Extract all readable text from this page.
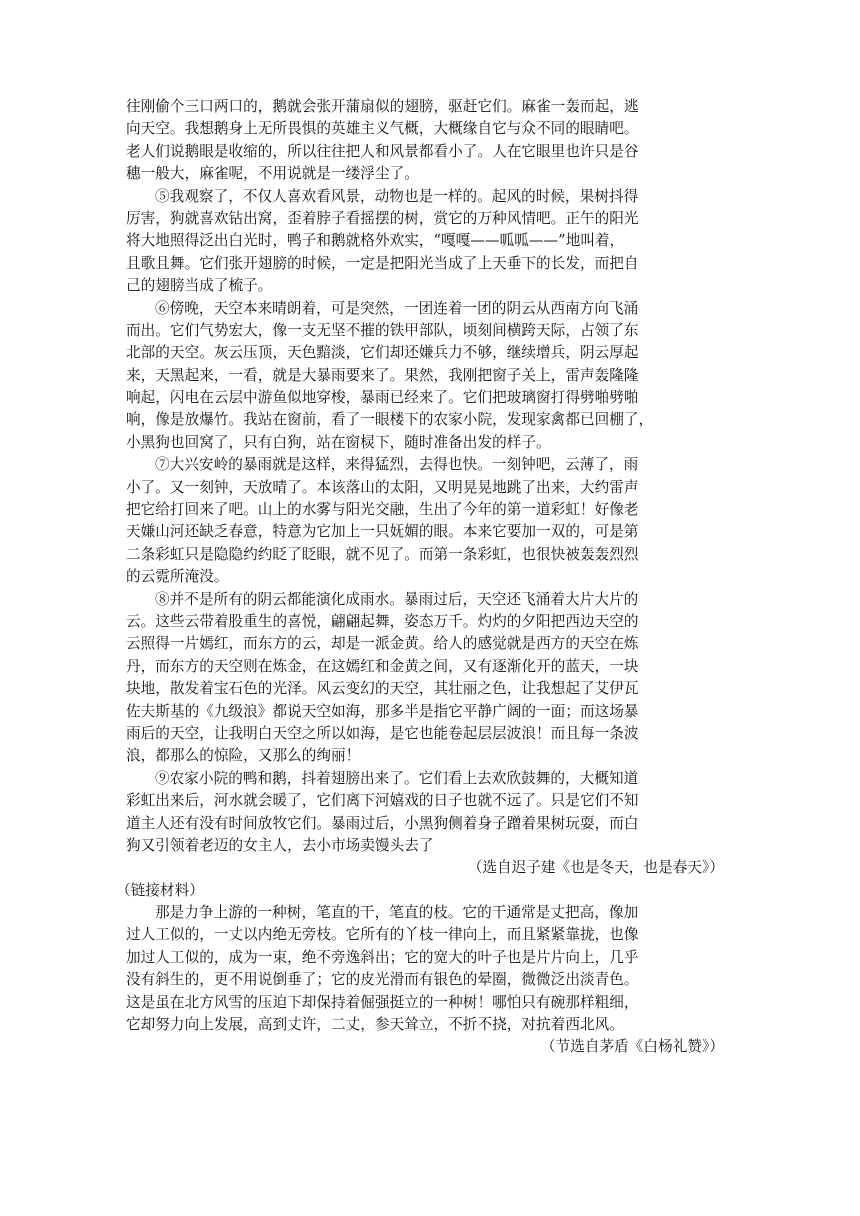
往刚偷个三口两口的，鹅就会张开蒲扇似的翅膀，驱赶它们。麻雀一轰而起，逃
向天空。我想鹅身上无所畏惧的英雄主义气概，大概缘自它与众不同的眼睛吧。
老人们说鹅眼是收缩的，所以往往把人和风景都看小了。人在它眼里也许只是谷
穗一般大，麻雀呢，不用说就是一缕浮尘了。
⑤我观察了，不仅人喜欢看风景，动物也是一样的。起风的时候，果树抖得
厉害，狗就喜欢钻出窝，歪着脖子看摇摆的树，赏它的万种风情吧。正午的阳光
将大地照得泛出白光时，鸭子和鹅就格外欢实，“嘎嘎——呱呱——”地叫着，
且歌且舞。它们张开翅膀的时候，一定是把阳光当成了上天垂下的长发，而把自
己的翅膀当成了梳子。
⑥傍晚，天空本来晴朗着，可是突然，一团连着一团的阴云从西南方向飞涌
而出。它们气势宏大，像一支无坚不摧的铁甲部队，顷刻间横跨天际，占领了东
北部的天空。灰云压顶，天色黯淡，它们却还嫌兵力不够，继续增兵，阴云厚起
来，天黑起来，一看，就是大暴雨要来了。果然，我刚把窗子关上，雷声轰隆隆
响起，闪电在云层中游鱼似地穿梭，暴雨已经来了。它们把玻璃窗打得劈啪劈啪
响，像是放爆竹。我站在窗前，看了一眼楼下的农家小院，发现家禽都已回棚了，
小黑狗也回窝了，只有白狗，站在窗棂下，随时准备出发的样子。
⑦大兴安岭的暴雨就是这样，来得猛烈，去得也快。一刻钟吧，云薄了，雨
小了。又一刻钟，天放晴了。本该落山的太阳，又明晃晃地跳了出来，大约雷声
把它给打回来了吧。山上的水雾与阳光交融，生出了今年的第一道彩虹！好像老
天嫌山河还缺乏春意，特意为它加上一只妩媚的眼。本来它要加一双的，可是第
二条彩虹只是隐隐约约眨了眨眼，就不见了。而第一条彩虹，也很快被轰轰烈烈
的云霓所淹没。
⑧并不是所有的阴云都能演化成雨水。暴雨过后，天空还飞涌着大片大片的
云。这些云带着股重生的喜悦，翩翩起舞，姿态万千。灼灼的夕阳把西边天空的
云照得一片嫣红，而东方的云，却是一派金黄。给人的感觉就是西方的天空在炼
丹，而东方的天空则在炼金，在这嫣红和金黄之间，又有逐渐化开的蓝天，一块
块地，散发着宝石色的光泽。风云变幻的天空，其壮丽之色，让我想起了艾伊瓦
佐夫斯基的《九级浪》都说天空如海，那多半是指它平静广阔的一面；而这场暴
雨后的天空，让我明白天空之所以如海，是它也能卷起层层波浪！而且每一条波
浪，都那么的惊险，又那么的绚丽！
⑨农家小院的鸭和鹅，抖着翅膀出来了。它们看上去欢欣鼓舞的，大概知道
彩虹出来后，河水就会暖了，它们离下河嬉戏的日子也就不远了。只是它们不知
道主人还有没有时间放牧它们。暴雨过后，小黑狗侧着身子蹭着果树玩耍，而白
狗又引领着老迈的女主人，去小市场卖馒头去了
（选自迟子建《也是冬天，也是春天》）
（链接材料）
那是力争上游的一种树，笔直的干，笔直的枝。它的干通常是丈把高，像加
过人工似的，一丈以内绝无旁枝。它所有的丫枝一律向上，而且紧紧靠拢，也像
加过人工似的，成为一束，绝不旁逸斜出；它的宽大的叶子也是片片向上，几乎
没有斜生的，更不用说倒垂了；它的皮光滑而有银色的晕圈，微微泛出淡青色。
这是虽在北方风雪的压迫下却保持着倔强挺立的一种树！哪怕只有碗那样粗细，
它却努力向上发展，高到丈许，二丈，参天耸立，不折不挠，对抗着西北风。
（节选自茅盾《白杨礼赞》）
